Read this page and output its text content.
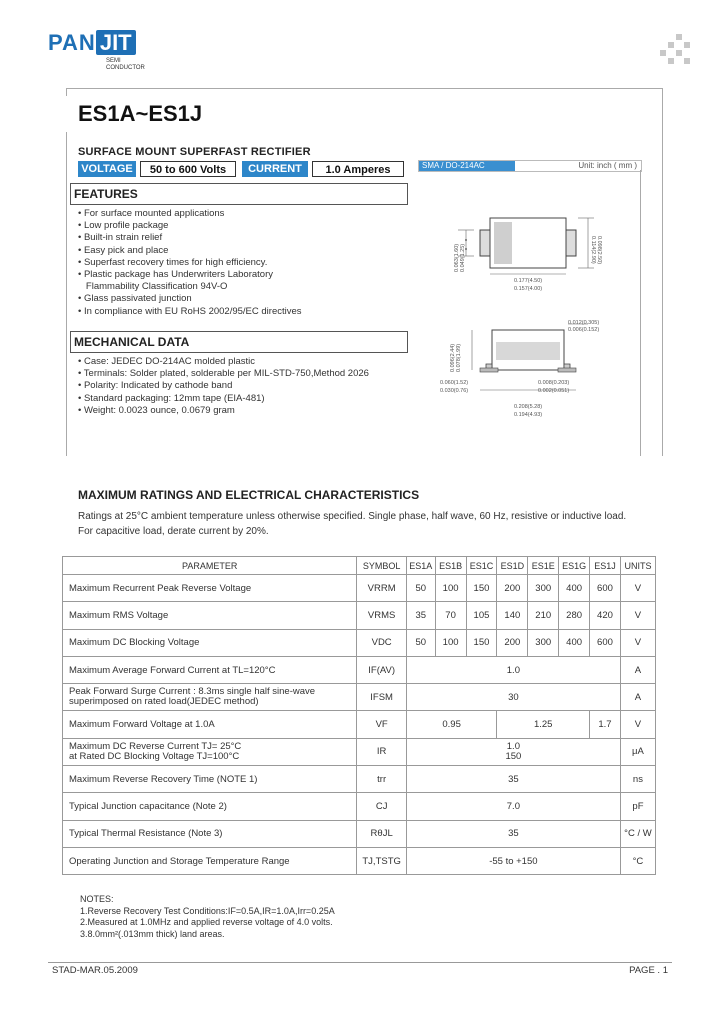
PAN JIT
SEMI
CONDUCTOR
ES1A~ES1J
SURFACE MOUNT SUPERFAST RECTIFIER
VOLTAGE	50 to 600 Volts	CURRENT	1.0 Amperes	SMA / DO-214AC	Unit: inch ( mm )
FEATURES
• For surface mounted applications
• Low profile package
• Built-in strain relief
• Easy pick and place
• Superfast recovery times for high efficiency.
• Plastic package has Underwriters Laboratory
Flammability Classification 94V-O
• Glass passivated junction
• In compliance with EU RoHS 2002/95/EC directives
MECHANICAL DATA
• Case: JEDEC DO-214AC molded plastic
• Terminals: Solder plated, solderable per MIL-STD-750,Method 2026
• Polarity: Indicated by cathode band
• Standard packaging: 12mm tape (EIA-481)
• Weight: 0.0023 ounce, 0.0679 gram
0.114(2.90) 0.098(2.50)
0.063(1.60) 0.049(1.25)
0.177(4.50)
0.157(4.00)
0.012(0.305)
0.006(0.152)
0.096(2.44) 0.078(1.99)
0.060(1.52)
0.030(0.76)
0.008(0.203)
0.002(0.051)
0.208(5.28)
0.194(4.93)
MAXIMUM RATINGS AND ELECTRICAL CHARACTERISTICS
Ratings at 25°C ambient temperature unless otherwise specified. Single phase, half wave, 60 Hz, resistive or inductive load.
For capacitive load, derate current by 20%.
PARAMETER	SYMBOL	ES1A	ES1B	ES1C	ES1D	ES1E	ES1G	ES1J	UNITS
Maximum Recurrent Peak Reverse Voltage	VRRM	50	100	150	200	300	400	600	V
Maximum RMS Voltage	VRMS	35	70	105	140	210	280	420	V
Maximum DC Blocking Voltage	VDC	50	100	150	200	300	400	600	V
Maximum Average Forward Current at TL=120°C	IF(AV)	1.0							A
Peak Forward Surge Current : 8.3ms single half sine-wave
superimposed on rated load(JEDEC method)	IFSM	30							A
Maximum Forward Voltage at 1.0A	VF	0.95			1.25			1.7	V
Maximum DC Reverse Current TJ= 25°C
at Rated DC Blocking Voltage TJ=100°C	IR	1.0
150							μA
Maximum Reverse Recovery Time (NOTE 1)	trr	35							ns
Typical Junction capacitance (Note 2)	CJ	7.0							pF
Typical Thermal Resistance (Note 3)	RθJL	35							°C / W
Operating Junction and Storage Temperature Range	TJ,TSTG	-55 to +150							°C
NOTES:
1.Reverse Recovery Test Conditions:IF=0.5A,IR=1.0A,Irr=0.25A
2.Measured at 1.0MHz and applied reverse voltage of 4.0 volts.
3.8.0mm²(.013mm thick) land areas.
STAD-MAR.05.2009	PAGE . 1
